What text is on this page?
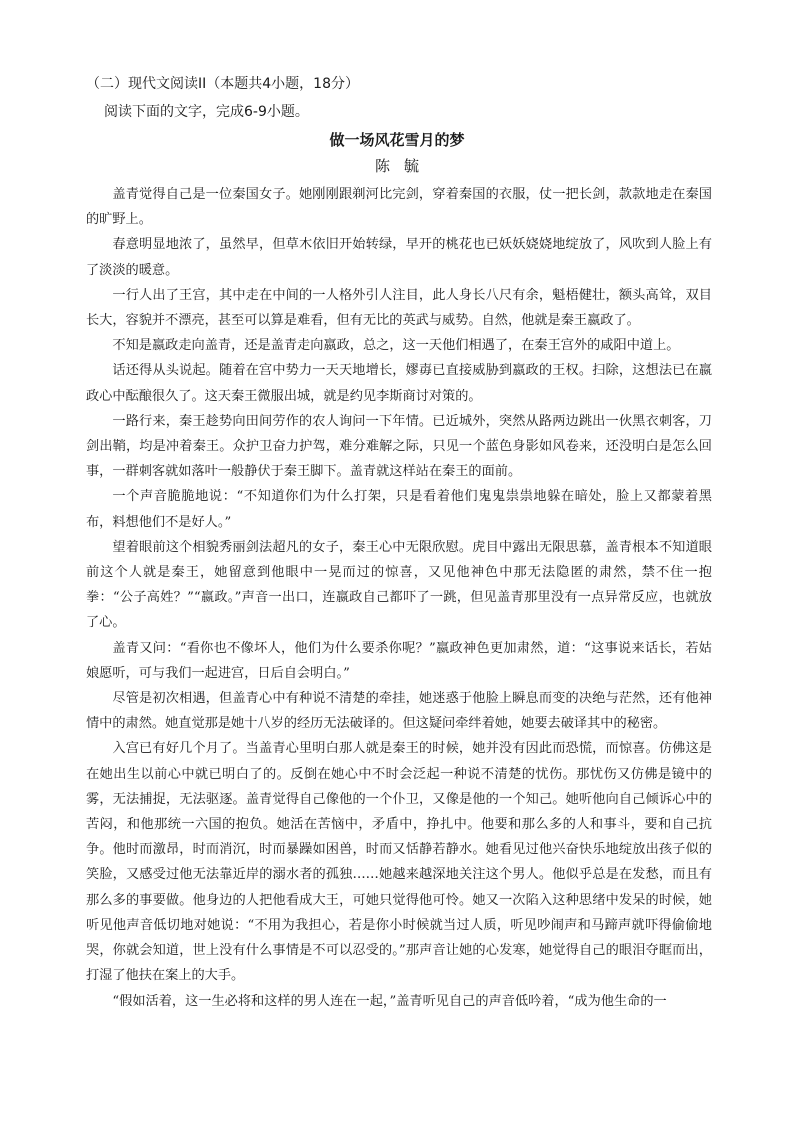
（二）现代文阅读II（本题共4小题，18分）
阅读下面的文字，完成6-9小题。
做一场风花雪月的梦
陈毓

盖青觉得自己是一位秦国女子。她刚刚跟剃河比完剑，穿着秦国的衣服，仗一把长剑，款款地走在秦国的旷野上。

春意明显地浓了，虽然早，但草木依旧开始转绿，早开的桃花也已妖妖娆娆地绽放了，风吹到人脸上有了淡淡的暖意。

一行人出了王宫，其中走在中间的一人格外引人注目，此人身长八尺有余，魁梧健壮，额头高耸，双目长大，容貌并不漂亮，甚至可以算是难看，但有无比的英武与威势。自然，他就是秦王嬴政了。

不知是嬴政走向盖青，还是盖青走向嬴政，总之，这一天他们相遇了，在秦王宫外的咸阳中道上。

话还得从头说起。随着在宫中势力一天天地增长，嫪毐已直接威胁到嬴政的王权。扫除，这想法已在嬴政心中酝酿很久了。这天秦王微服出城，就是约见李斯商讨对策的。

一路行来，秦王趁势向田间劳作的农人询问一下年情。已近城外，突然从路两边跳出一伙黑衣刺客，刀剑出鞘，均是冲着秦王。众护卫奋力护驾，难分难解之际，只见一个蓝色身影如风卷来，还没明白是怎么回事，一群刺客就如落叶一般静伏于秦王脚下。盖青就这样站在秦王的面前。

一个声音脆脆地说：“不知道你们为什么打架，只是看着他们鬼鬼祟祟地躲在暗处，脸上又都蒙着黑布，料想他们不是好人。”

望着眼前这个相貌秀丽剑法超凡的女子，秦王心中无限欣慰。虎目中露出无限思慕，盖青根本不知道眼前这个人就是秦王，她留意到他眼中一晃而过的惊喜，又见他神色中那无法隐匿的肃然，禁不住一抱拳：“公子高姓？”“嬴政。”声音一出口，连嬴政自己都吓了一跳，但见盖青那里没有一点异常反应，也就放了心。

盖青又问：“看你也不像坏人，他们为什么要杀你呢？”嬴政神色更加肃然，道：“这事说来话长，若姑娘愿听，可与我们一起进宫，日后自会明白。”

尽管是初次相遇，但盖青心中有种说不清楚的牵挂，她迷惑于他脸上瞬息而变的决绝与茫然，还有他神情中的肃然。她直觉那是她十八岁的经历无法破译的。但这疑问牵绊着她，她要去破译其中的秘密。

入宫已有好几个月了。当盖青心里明白那人就是秦王的时候，她并没有因此而恐慌，而惊喜。仿佛这是在她出生以前心中就已明白了的。反倒在她心中不时会泛起一种说不清楚的忧伤。那忧伤又仿佛是镜中的雾，无法捕捉，无法驱逐。盖青觉得自己像他的一个仆卫，又像是他的一个知己。她听他向自己倾诉心中的苦闷，和他那统一六国的抱负。她活在苦恼中，矛盾中，挣扎中。他要和那么多的人和事斗，要和自己抗争。他时而激昂，时而消沉，时而暴躁如困兽，时而又恬静若静水。她看见过他兴奋快乐地绽放出孩子似的笑脸，又感受过他无法靠近岸的溺水者的孤独……她越来越深地关注这个男人。他似乎总是在发愁，而且有那么多的事要做。他身边的人把他看成大王，可她只觉得他可怜。她又一次陷入这种思绪中发呆的时候，她听见他声音低切地对她说：“不用为我担心，若是你小时候就当过人质，听见吵闹声和马蹄声就吓得偷偷地哭，你就会知道，世上没有什么事情是不可以忍受的。”那声音让她的心发寒，她觉得自己的眼泪夺眶而出，打湿了他扶在案上的大手。

“假如活着，这一生必将和这样的男人连在一起，”盖青听见自己的声音低吟着，“成为他生命的一
